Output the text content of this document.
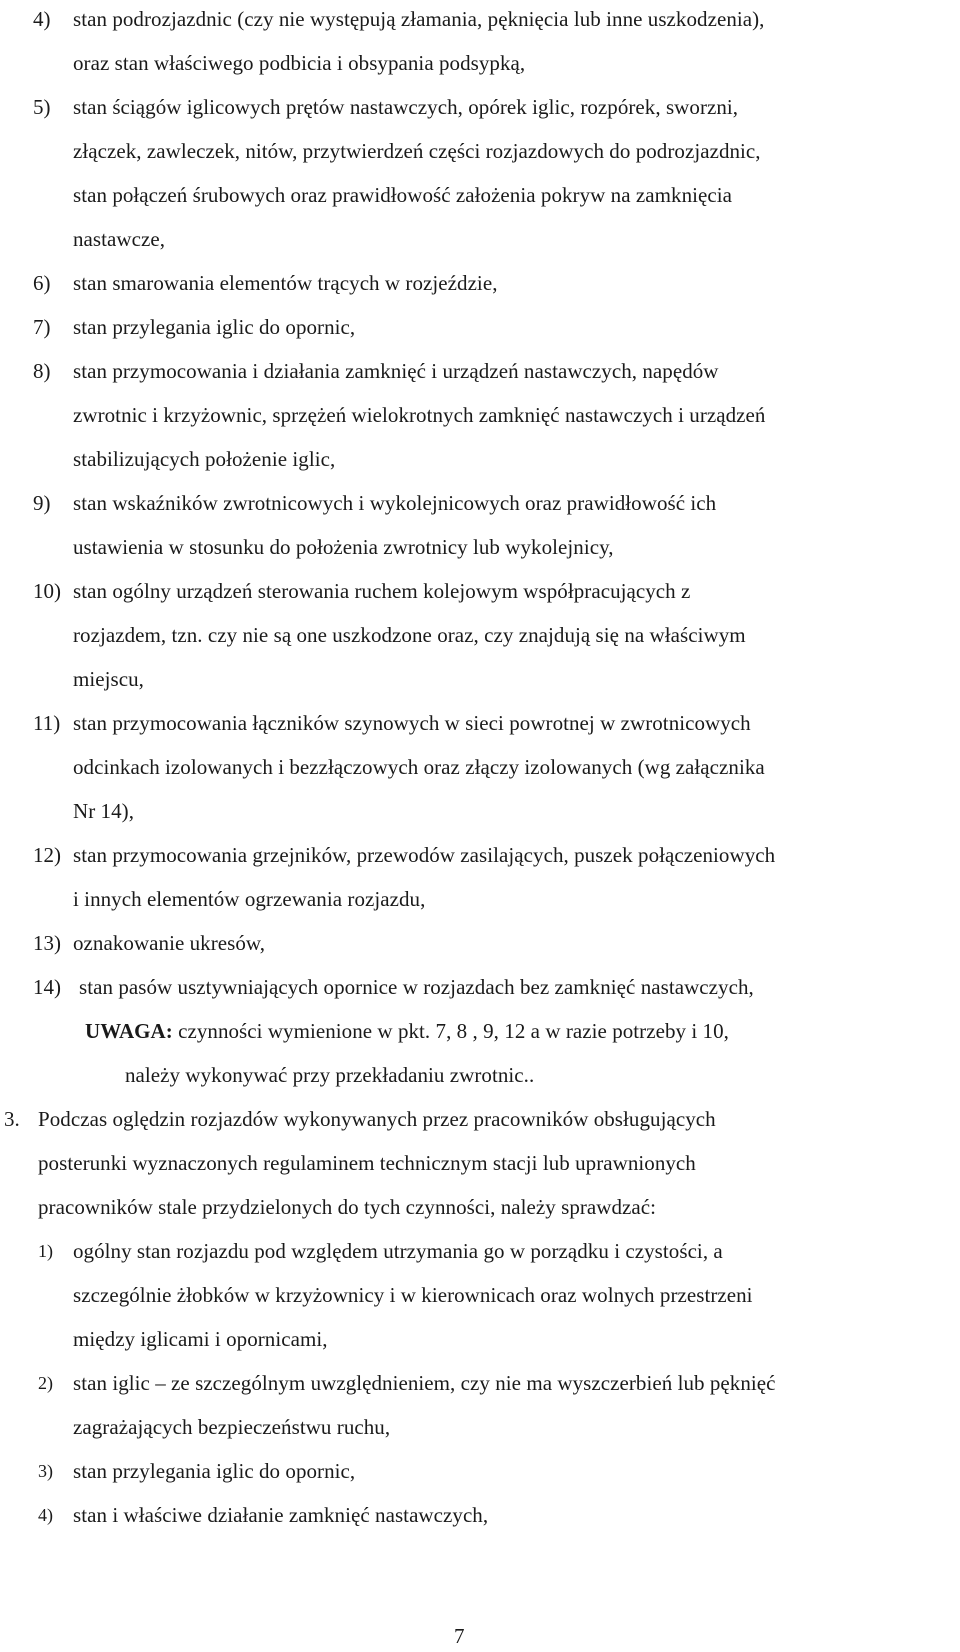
4) stan podrozjazdnic (czy nie występują złamania, pęknięcia lub inne uszkodzenia),
oraz stan właściwego podbicia i obsypania podsypką,
5) stan ściągów iglicowych prętów nastawczych, opórek iglic, rozpórek, sworzni,
złączek, zawleczek, nitów, przytwierdzeń części rozjazdowych do podrozjazdnic,
stan połączeń śrubowych oraz prawidłowość założenia pokryw na zamknięcia
nastawcze,
6) stan smarowania elementów trących w rozjeździe,
7) stan przylegania iglic do opornic,
8) stan przymocowania i działania zamknięć i urządzeń nastawczych, napędów
zwrotnic i krzyżownic, sprzężeń wielokrotnych zamknięć nastawczych i urządzeń
stabilizujących położenie iglic,
9) stan wskaźników zwrotnicowych i wykolejnicowych oraz prawidłowość ich
ustawienia w stosunku do położenia zwrotnicy lub wykolejnicy,
10) stan ogólny urządzeń sterowania ruchem kolejowym współpracujących z
rozjazdem, tzn. czy nie są one uszkodzone oraz, czy znajdują się na właściwym
miejscu,
11) stan przymocowania łączników szynowych w sieci powrotnej w zwrotnicowych
odcinkach izolowanych i bezzłączowych oraz złączy izolowanych (wg załącznika
Nr 14),
12) stan przymocowania grzejników, przewodów zasilających, puszek połączeniowych
i innych elementów ogrzewania rozjazdu,
13) oznakowanie ukresów,
14) stan pasów usztywniających opornice w rozjazdach bez zamknięć nastawczych,
UWAGA: czynności wymienione w pkt. 7, 8 , 9, 12 a w razie potrzeby i 10,
należy wykonywać przy przekładaniu zwrotnic..
3. Podczas oględzin rozjazdów wykonywanych przez pracowników obsługujących
posterunki wyznaczonych regulaminem technicznym stacji lub uprawnionych
pracowników stale przydzielonych do tych czynności, należy sprawdzać:
1) ogólny stan rozjazdu pod względem utrzymania go w porządku i czystości, a
szczególnie żłobków w krzyżownicy i w kierownicach oraz wolnych przestrzeni
między iglicami i opornicami,
2) stan iglic – ze szczególnym uwzględnieniem, czy nie ma wyszczerbień lub pęknięć
zagrażających bezpieczeństwu ruchu,
3) stan przylegania iglic do opornic,
4) stan i właściwe działanie zamknięć nastawczych,
7
